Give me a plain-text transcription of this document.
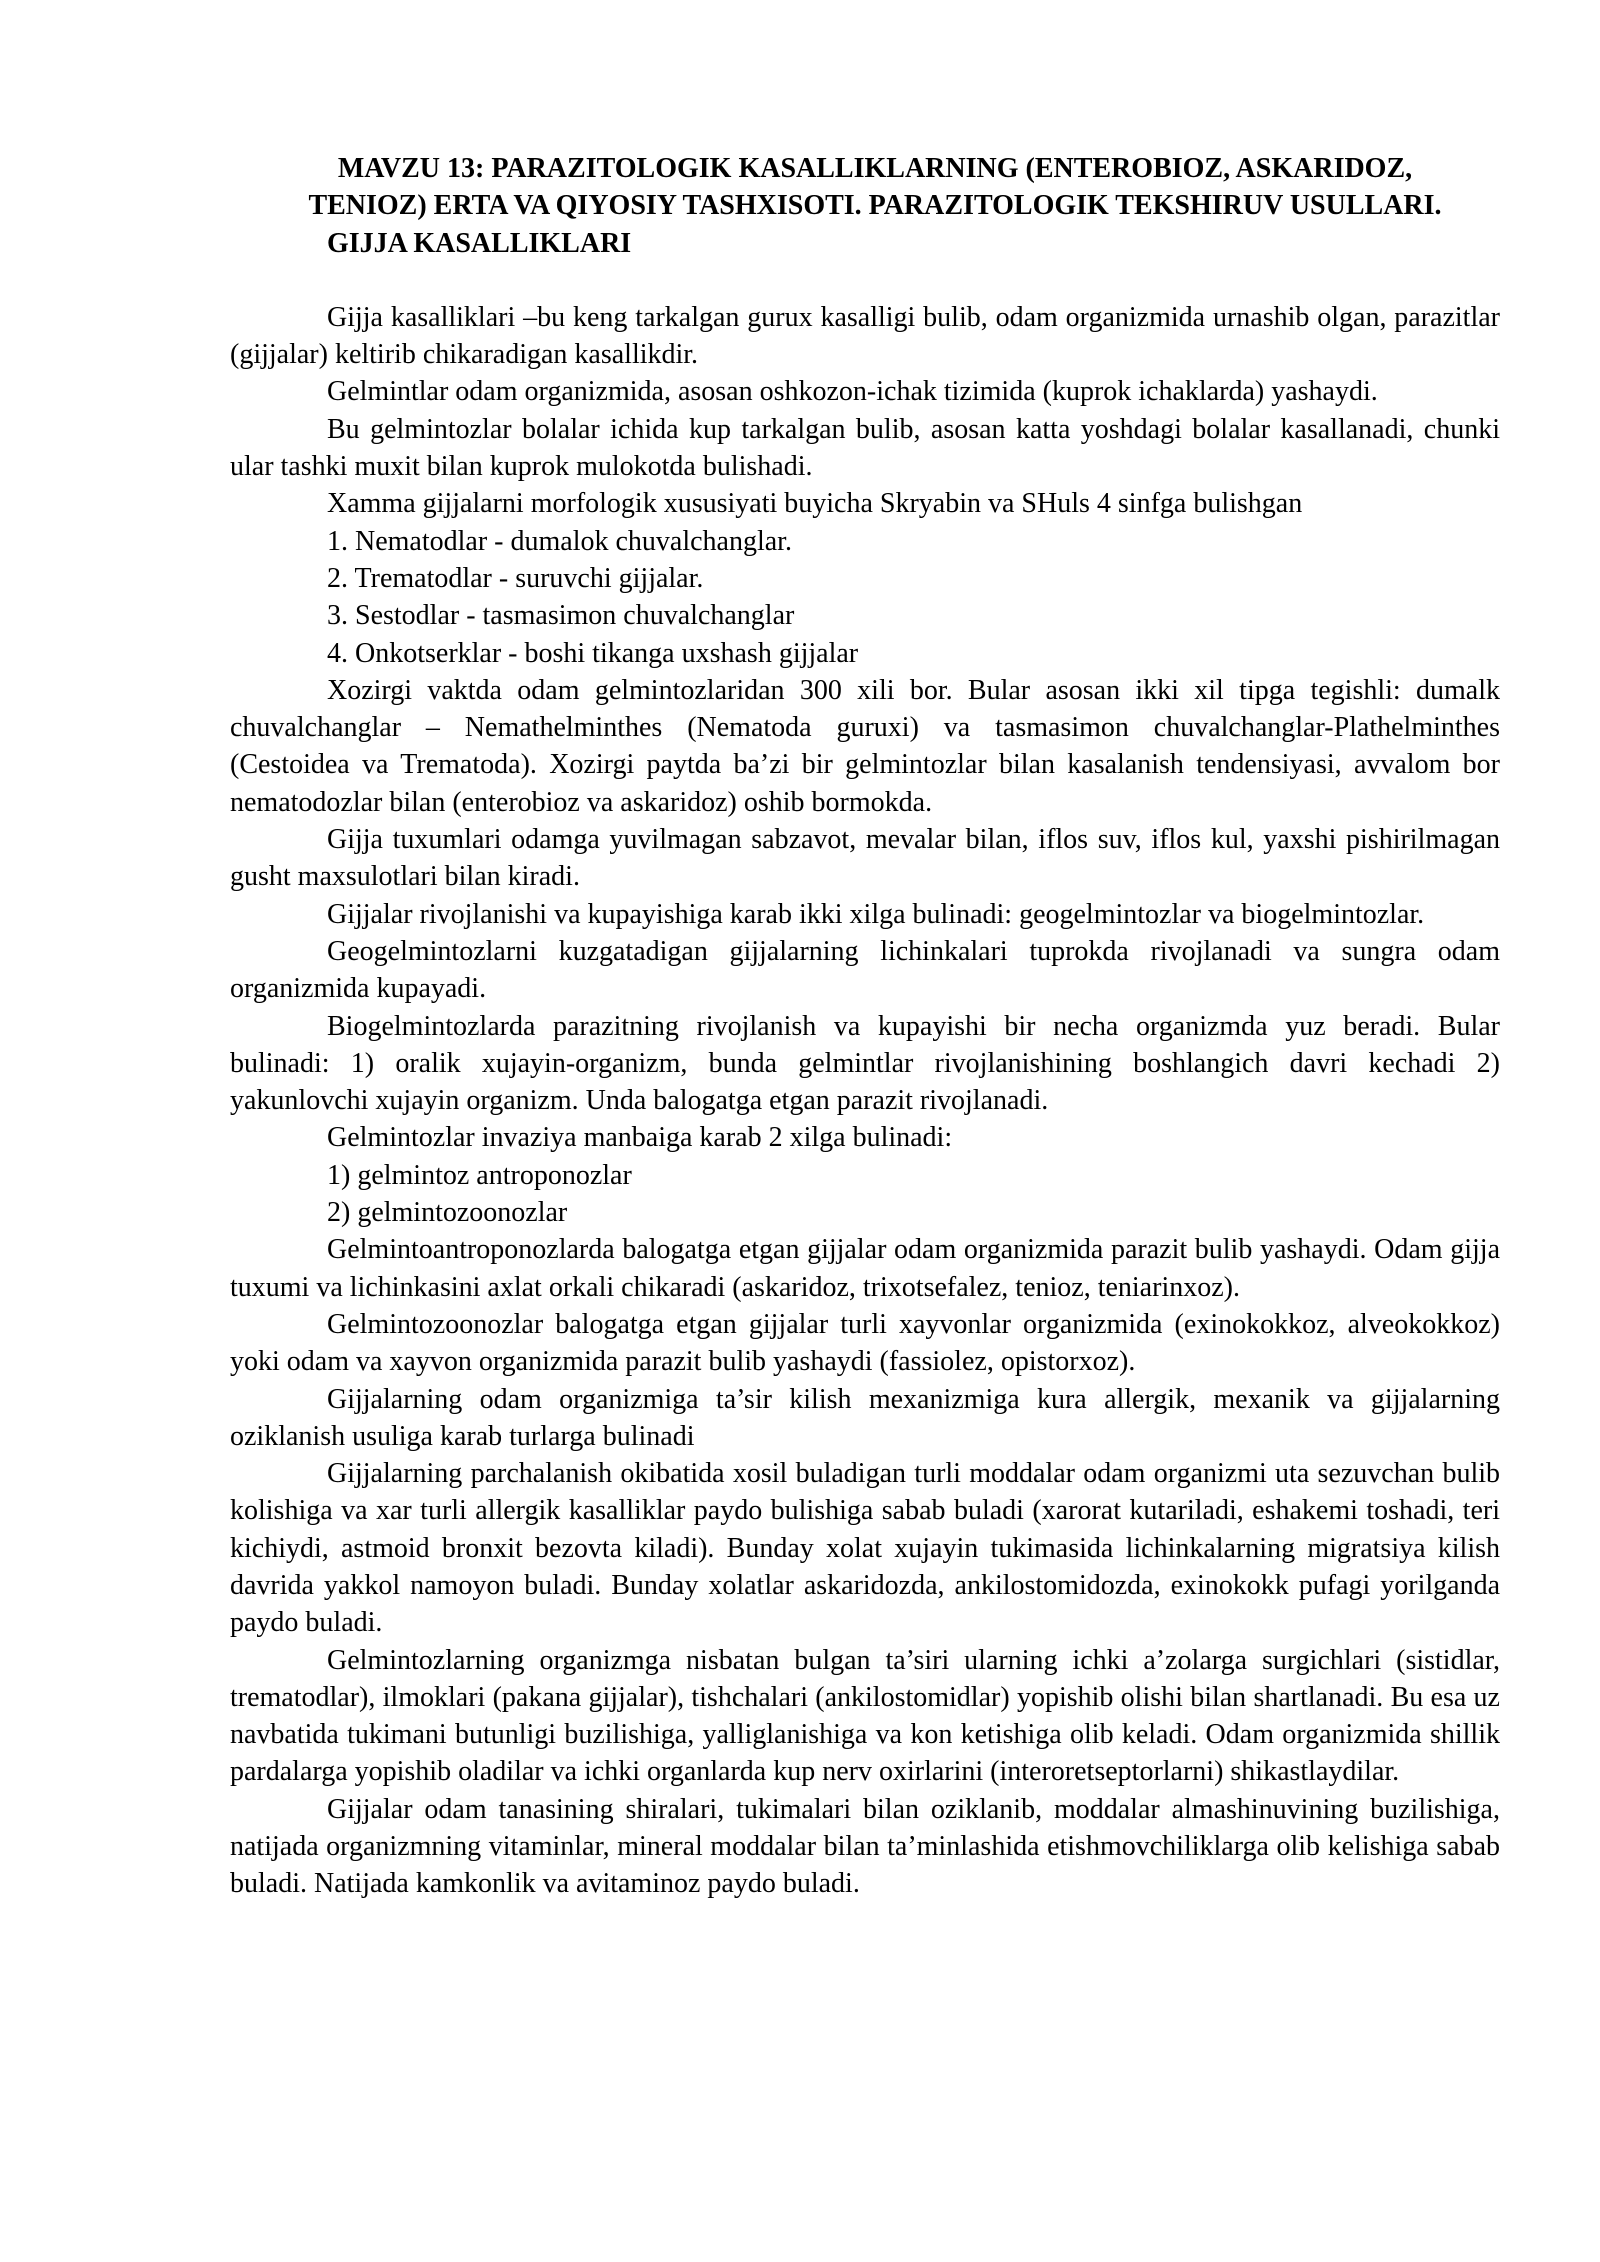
MAVZU 13: PARAZITOLOGIK KASALLIKLARNING (ENTEROBIOZ, ASKARIDOZ, TENIOZ) ERTA VA QIYOSIY TASHXISOTI. PARAZITOLOGIK TEKSHIRUV USULLARI.

GIJJA KASALLIKLARI

Gijja kasalliklari –bu keng tarkalgan gurux kasalligi bulib, odam organizmida urnashib olgan, parazitlar (gijjalar) keltirib chikaradigan kasallikdir.

Gelmintlar odam organizmida, asosan oshkozon-ichak tizimida (kuprok ichaklarda) yashaydi.

Bu gelmintozlar bolalar ichida kup tarkalgan bulib, asosan katta yoshdagi bolalar kasallanadi, chunki ular tashki muxit bilan kuprok mulokotda bulishadi.

Xamma gijjalarni morfologik xususiyati buyicha Skryabin va SHuls 4 sinfga bulishgan

1. Nematodlar - dumalok chuvalchanglar.

2. Trematodlar - suruvchi gijjalar.

3. Sestodlar - tasmasimon chuvalchanglar

4. Onkotserklar - boshi tikanga uxshash gijjalar

Xozirgi vaktda odam gelmintozlaridan 300 xili bor. Bular asosan ikki xil tipga tegishli: dumalk chuvalchanglar – Nemathelminthes (Nematoda guruxi) va tasmasimon chuvalchanglar-Plathelminthes (Cestoidea va Trematoda). Xozirgi paytda ba’zi bir gelmintozlar bilan kasalanish tendensiyasi, avvalom bor nematodozlar bilan (enterobioz va askaridoz) oshib bormokda.

Gijja tuxumlari odamga yuvilmagan sabzavot, mevalar bilan, iflos suv, iflos kul, yaxshi pishirilmagan gusht maxsulotlari bilan kiradi.

Gijjalar rivojlanishi va kupayishiga karab ikki xilga bulinadi: geogelmintozlar va biogelmintozlar.

Geogelmintozlarni kuzgatadigan gijjalarning lichinkalari tuprokda rivojlanadi va sungra odam organizmida kupayadi.

Biogelmintozlarda parazitning rivojlanish va kupayishi bir necha organizmda yuz beradi. Bular bulinadi: 1) oralik xujayin-organizm, bunda gelmintlar rivojlanishining boshlangich davri kechadi 2) yakunlovchi xujayin organizm. Unda balogatga etgan parazit rivojlanadi.

Gelmintozlar invaziya manbaiga karab 2 xilga bulinadi:

1) gelmintoz antroponozlar

2) gelmintozoonozlar

Gelmintoantroponozlarda balogatga etgan gijjalar odam organizmida parazit bulib yashaydi. Odam gijja tuxumi va lichinkasini axlat orkali chikaradi (askaridoz, trixotsefalez, tenioz, teniarinxoz).

Gelmintozoonozlar balogatga etgan gijjalar turli xayvonlar organizmida (exinokokkoz, alveokokkoz) yoki odam va xayvon organizmida parazit bulib yashaydi (fassiolez, opistorxoz).

Gijjalarning odam organizmiga ta’sir kilish mexanizmiga kura allergik, mexanik va gijjalarning oziklanish usuliga karab turlarga bulinadi

Gijjalarning parchalanish okibatida xosil buladigan turli moddalar odam organizmi uta sezuvchan bulib kolishiga va xar turli allergik kasalliklar paydo bulishiga sabab buladi (xarorat kutariladi, eshakemi toshadi, teri kichiydi, astmoid bronxit bezovta kiladi). Bunday xolat xujayin tukimasida lichinkalarning migratsiya kilish davrida yakkol namoyon buladi. Bunday xolatlar askaridozda, ankilostomidozda, exinokokk pufagi yorilganda paydo buladi.

Gelmintozlarning organizmga nisbatan bulgan ta’siri ularning ichki a’zolarga surgichlari (sistidlar, trematodlar), ilmoklari (pakana gijjalar), tishchalari (ankilostomidlar) yopishib olishi bilan shartlanadi. Bu esa uz navbatida tukimani butunligi buzilishiga, yalliglanishiga va kon ketishiga olib keladi. Odam organizmida shillik pardalarga yopishib oladilar va ichki organlarda kup nerv oxirlarini (interoretseptorlarni) shikastlaydilar.

Gijjalar odam tanasining shiralari, tukimalari bilan oziklanib, moddalar almashinuvining buzilishiga, natijada organizmning vitaminlar, mineral moddalar bilan ta’minlashida etishmovchiliklarga olib kelishiga sabab buladi. Natijada kamkonlik va avitaminoz paydo buladi.
